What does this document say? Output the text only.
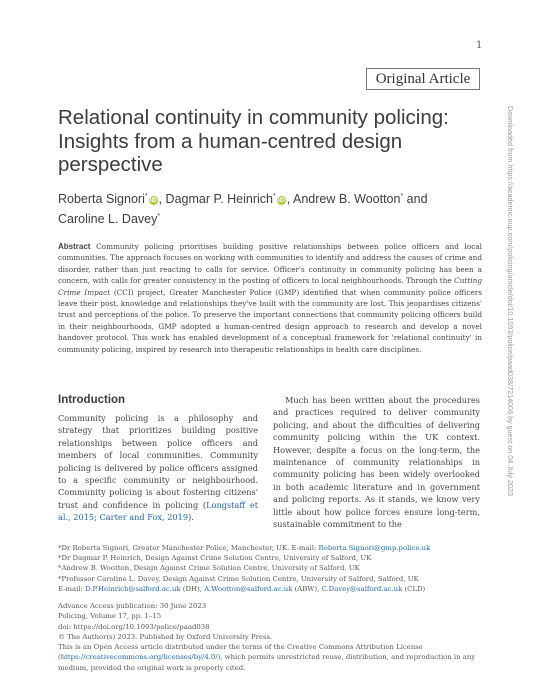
1
Original Article
Relational continuity in community policing: Insights from a human-centred design perspective
Roberta Signori*iD , Dagmar P. Heinrich*iD , Andrew B. Wootton* and
Caroline L. Davey*

Abstract Community policing prioritises building positive relationships between police officers and local communities. The approach focuses on working with communities to identify and address the causes of crime and disorder, rather than just reacting to calls for service. Officer's continuity in community policing has been a concern, with calls for greater consistency in the posting of officers to local neighbourhoods. Through the Cutting Crime Impact (CCI) project, Greater Manchester Police (GMP) identified that when community police officers leave their post, knowledge and relationships they've built with the community are lost. This jeopardises citizens' trust and perceptions of the police. To preserve the important connections that community policing officers build in their neighbourhoods, GMP adopted a human-centred design approach to research and develop a novel handover protocol. This work has enabled development of a conceptual framework for 'relational continuity' in community policing, inspired by research into therapeutic relationships in health care disciplines.

Introduction

Community policing is a philosophy and strategy that prioritizes building positive relationships between police officers and members of local communities. Community policing is delivered by police officers assigned to a specific community or neighbourhood. Community policing is about fostering citizens' trust and confidence in policing (Longstaff et al., 2015; Carter and Fox, 2019).

Much has been written about the procedures and practices required to deliver community policing, and about the difficulties of delivering community policing within the UK context. However, despite a focus on the long-term, the maintenance of community relationships in community policing has been widely overlooked in both academic literature and in government and policing reports. As it stands, we know very little about how police forces ensure long-term, sustainable commitment to the

*Dr Roberta Signori, Greater Manchester Police, Manchester, UK. E-mail: Roberta.Signori@gmp.police.uk
*Dr Dagmar P. Heinrich, Design Against Crime Solution Centre, University of Salford, UK
*Andrew B. Wootton, Design Against Crime Solution Centre, University of Salford, UK
*Professor Caroline L. Davey, Design Against Crime Solution Centre, University of Salford, Salford, UK
E-mail: D.P.Heinrich@salford.ac.uk (DH), A.Wootton@salford.ac.uk (ABW), C.Davey@salford.ac.uk (CLD)
Advance Access publication: 30 June 2023
Policing, Volume 17, pp. 1–15
doi: https://doi.org/10.1093/police/paad038
© The Author(s) 2023. Published by Oxford University Press.
This is an Open Access article distributed under the terms of the Creative Commons Attribution License (https://creativecommons.org/licenses/by/4.0/), which permits unrestricted reuse, distribution, and reproduction in any medium, provided the original work is properly cited.
Downloaded from https://academic.oup.com/policing/article/doi/10.1093/police/paad038/7214006 by guest on 04 July 2023
